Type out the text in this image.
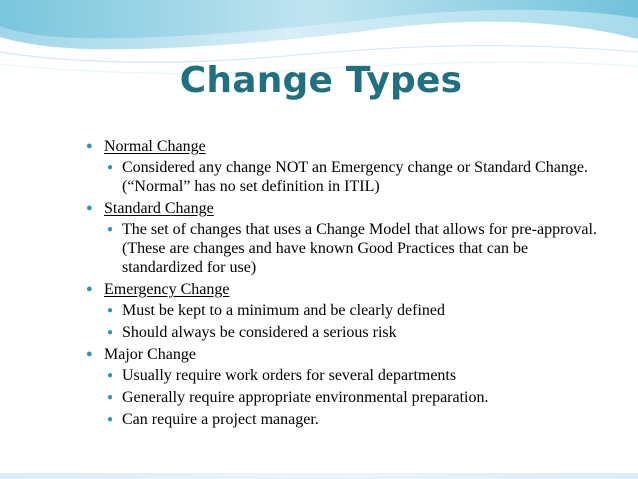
Change Types
● Normal Change
● Considered any change NOT an Emergency change or Standard Change. (“Normal” has no set definition in ITIL)
● Standard Change
● The set of changes that uses a Change Model that allows for pre-approval. (These are changes and have known Good Practices that can be standardized for use)
● Emergency Change
● Must be kept to a minimum and be clearly defined
● Should always be considered a serious risk
● Major Change
● Usually require work orders for several departments
● Generally require appropriate environmental preparation.
● Can require a project manager.
